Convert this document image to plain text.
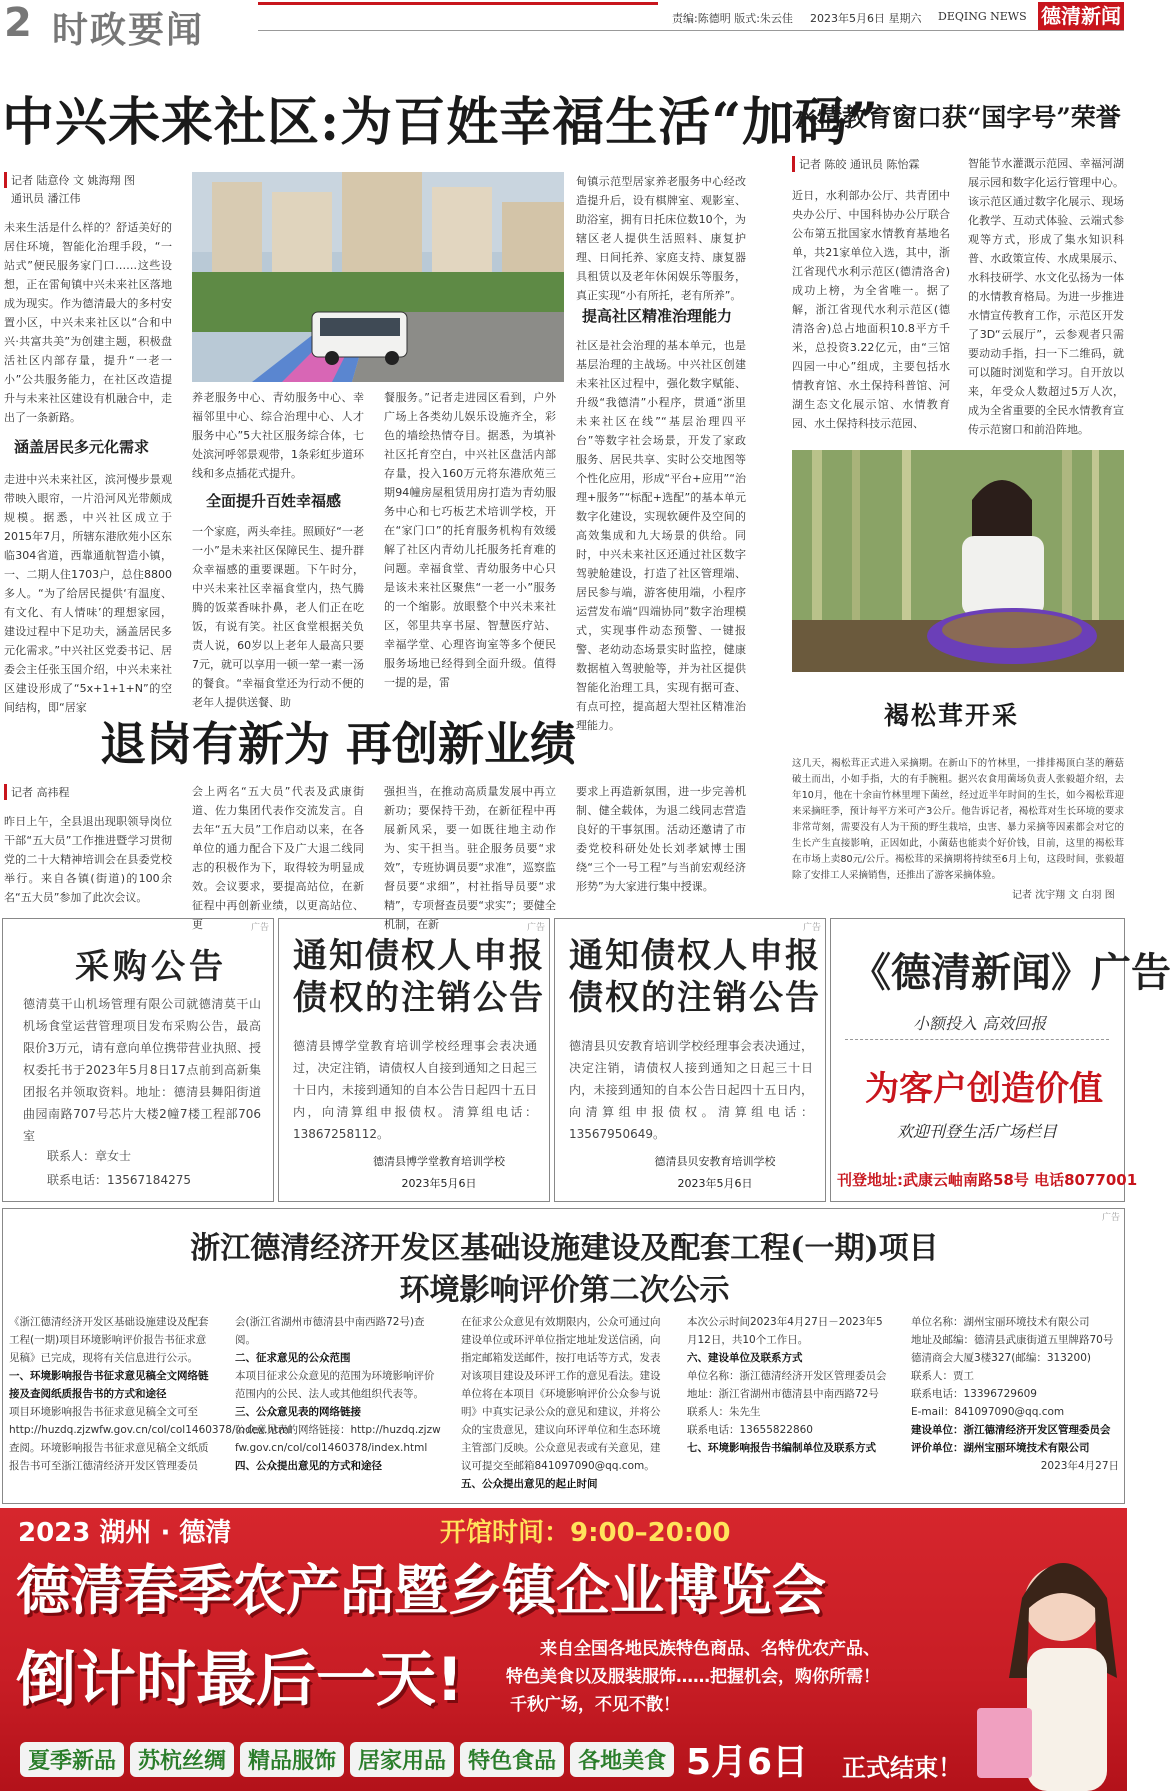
2 时政要闻	责编:陈德明 版式:朱云佳 2023年5月6日 星期六 DEQING NEWS 德清新闻
中兴未来社区:为百姓幸福生活“加码”
记者 陆意伶 文 姚海翔 图
通讯员 潘江伟
未来生活是什么样的？舒适美好的居住环境，智能化治理手段，“一站式”便民服务家门口……这些设想，正在雷甸镇中兴未来社区落地成为现实。作为德清最大的多村安置小区，中兴未来社区以“合和中兴·共富共美”为创建主题，积极盘活社区内部存量，提升“一老一小”公共服务能力，在社区改造提升与未来社区建设有机融合中，走出了一条新路。
涵盖居民多元化需求
走进中兴未来社区，滨河慢步景观带映入眼帘，一片沿河风光带颇成规模。据悉，中兴社区成立于2015年7月，所辖东港欣苑小区东临304省道，西靠通航智造小镇，一、二期人住1703户，总住8800多人。“为了给居民提供‘有温度、有文化、有人情味’的理想家园，建设过程中下足功夫，涵盖居民多元化需求。”中兴社区党委书记、居委会主任张玉国介绍，中兴未来社区建设形成了“5x+1+1+N”的空间结构，即“居家
养老服务中心、青幼服务中心、幸福邻里中心、综合治理中心、人才服务中心”5大社区服务综合体，七处滨河呼邻景观带，1条彩虹步道环线和多点插花式提升。
全面提升百姓幸福感
一个家庭，两头牵挂。照顾好“一老一小”是未来社区保障民生、提升群众幸福感的重要课题。下午时分，中兴未来社区幸福食堂内，热气腾腾的饭菜香味扑鼻，老人们正在吃饭，有说有笑。社区食堂根据关负责人说，60岁以上老年人最高只要7元，就可以享用一顿一荤一素一汤的餐食。“幸福食堂还为行动不便的老年人提供送餐、助
餐服务。”记者走进园区看到，户外广场上各类幼儿娱乐设施齐全，彩色的墙绘热情夺目。据悉，为填补社区托育空白，中兴社区盘活内部存量，投入160万元将东港欣苑三期94幢房屋租赁用房打造为青幼服务中心和七巧板艺术培训学校，开在“家门口”的托育服务机构有效缓解了社区内青幼儿托服务托育难的问题。幸福食堂、青幼服务中心只是该未来社区聚焦“一老一小”服务的一个缩影。放眼整个中兴未来社区，邻里共享书屋、智慧医疗站、幸福学堂、心理咨询室等多个便民服务场地已经得到全面升级。值得一提的是，雷
甸镇示范型居家养老服务中心经改造提升后，设有棋牌室、观影室、助浴室，拥有日托床位数10个，为辖区老人提供生活照料、康复护理、日间托养、家庭支持、康复器具租赁以及老年休闲娱乐等服务，真正实现“小有所托，老有所养”。
提高社区精准治理能力
社区是社会治理的基本单元，也是基层治理的主战场。中兴社区创建未来社区过程中，强化数字赋能、升级“我德清”小程序，贯通“浙里未来社区在线”“基层治理四平台”等数字社会场景，开发了家政服务、居民共享、实时公交地图等个性化应用，形成“平台+应用”“治理+服务”“标配+选配”的基本单元数字化建设，实现软硬件及空间的高效集成和九大场景的供给。同时，中兴未来社区还通过社区数字驾驶舱建设，打造了社区管理端、居民参与端，游客使用端，小程序运营发布端“四端协同”数字治理模式，实现事件动态预警、一键报警、老幼动态场景实时监控，健康数据植入驾驶舱等，并为社区提供智能化治理工具，实现有据可查、有点可控，提高超大型社区精准治理能力。
水情教育窗口获“国字号”荣誉
记者 陈皎 通讯员 陈怡霖
近日，水利部办公厅、共青团中央办公厅、中国科协办公厅联合公布第五批国家水情教育基地名单，共21家单位入选，其中，浙江省现代水利示范区(德清洛舍)成功上榜，为全省唯一。据了解，浙江省现代水利示范区(德清洛舍)总占地面积10.8平方千米，总投资3.22亿元，由“三馆四园一中心”组成，主要包括水情教育馆、水土保持科普馆、河湖生态文化展示馆、水情教育园、水土保持科技示范园、
智能节水灌溉示范园、幸福河湖展示园和数字化运行管理中心。该示范区通过数字化展示、现场化教学、互动式体验、云端式参观等方式，形成了集水知识科普、水政策宣传、水成果展示、水科技研学、水文化弘扬为一体的水情教育格局。为进一步推进水情宣传教育工作，示范区开发了3D“云展厅”，云参观者只需要动动手指，扫一下二维码，就可以随时浏览和学习。自开放以来，年受众人数超过5万人次，成为全省重要的全民水情教育宣传示范窗口和前沿阵地。
褐松茸开采
这几天，褐松茸正式进入采摘期。在新山下的竹林里，一排排褐顶白茎的蘑菇破土而出，小如手指，大的有手腕粗。据兴农食用菌场负责人张毅超介绍，去年10月，他在十余亩竹林里埋下菌丝，经过近半年时间的生长，如今褐松茸迎来采摘旺季，预计每平方米可产3公斤。他告诉记者，褐松茸对生长环境的要求非常苛刻，需要没有人为干预的野生栽培，虫害、暴力采摘等因素都会对它的生长产生直接影响，正因如此，小菌菇也能卖个好价钱，目前，这里的褐松茸在市场上卖80元/公斤。褐松茸的采摘期将持续至6月上旬，这段时间，张毅超除了安排工人采摘销售，还推出了游客采摘体验。
记者 沈宇翔 文 白羽 图
退岗有新为 再创新业绩
记者 高祎程
昨日上午，全县退出现职领导岗位干部“五大员”工作推进暨学习贯彻党的二十大精神培训会在县委党校举行。来自各镇(街道)的100余名“五大员”参加了此次会议。
会上两名“五大员”代表及武康街道、佐力集团代表作交流发言。自去年“五大员”工作启动以来，在各单位的通力配合下及广大退二线同志的积极作为下，取得较为明显成效。会议要求，要提高站位，在新征程中再创新业绩，以更高站位、更
强担当，在推动高质量发展中再立新功；要保持干劲，在新征程中再展新风采，要一如既往地主动作为、实干担当。驻企服务员要“求效”，专班协调员要“求准”，巡察监督员要“求细”，村社指导员要“求精”，专项督查员要“求实”；要健全机制，在新
要求上再造新氛围，进一步完善机制、健全载体，为退二线同志营造良好的干事氛围。活动还邀请了市委党校科研处处长刘孝斌博士围绕“三个一号工程”与当前宏观经济形势”为大家进行集中授课。
广告
采购公告
德清莫干山机场管理有限公司就德清莫干山机场食堂运营管理项目发布采购公告，最高限价3万元，请有意向单位携带营业执照、授权委托书于2023年5月8日17点前到高新集团报名并领取资料。地址：德清县舞阳街道曲园南路707号芯片大楼2幢7楼工程部706室
联系人：章女士
联系电话：13567184275
广告
通知债权人申报
债权的注销公告
德清县博学堂教育培训学校经理事会表决通过，决定注销，请债权人自接到通知之日起三十日内，未接到通知的自本公告日起四十五日内，向清算组申报债权。清算组电话：13867258112。
德清县博学堂教育培训学校
2023年5月6日
广告
通知债权人申报
债权的注销公告
德清县贝安教育培训学校经理事会表决通过，决定注销，请债权人接到通知之日起三十日内，未接到通知的自本公告日起四十五日内，向清算组申报债权。清算组电话：13567950649。
德清县贝安教育培训学校
2023年5月6日
《德清新闻》广告
小额投入 高效回报
为客户创造价值
欢迎刊登生活广场栏目
刊登地址:武康云岫南路58号 电话8077001
广告
浙江德清经济开发区基础设施建设及配套工程(一期)项目
环境影响评价第二次公示
《浙江德清经济开发区基础设施建设及配套工程(一期)项目环境影响评价报告书征求意见稿》已完成，现将有关信息进行公示。
一、环境影响报告书征求意见稿全文网络链接及查阅纸质报告书的方式和途径
项目环境影响报告书征求意见稿全文可至http://huzdq.zjzwfw.gov.cn/col/col1460378/index.html查阅。环境影响报告书征求意见稿全文纸质报告书可至浙江德清经济开发区管理委员
会(浙江省湖州市德清县中南西路72号)查阅。
二、征求意见的公众范围
本项目征求公众意见的范围为环境影响评价范围内的公民、法人或其他组织代表等。
三、公众意见表的网络链接
公众意见表的网络链接：http://huzdq.zjzwfw.gov.cn/col/col1460378/index.html
四、公众提出意见的方式和途径
在征求公众意见有效期限内，公众可通过向建设单位或环评单位指定地址发送信函，向指定邮箱发送邮件，按打电话等方式，发表对该项目建设及环评工作的意见看法。建设单位将在本项目《环境影响评价公众参与说明》中真实记录公众的意见和建议，并将公众的宝贵意见，建议向环评单位和生态环境主管部门反映。公众意见表或有关意见，建议可提交至邮箱841097090@qq.com。
五、公众提出意见的起止时间
本次公示时间2023年4月27日－2023年5月12日，共10个工作日。
六、建设单位及联系方式
单位名称：浙江德清经济开发区管理委员会
地址：浙江省湖州市德清县中南西路72号
联系人：朱先生
联系电话：13655822860
七、环境影响报告书编制单位及联系方式
单位名称：湖州宝丽环境技术有限公司
地址及邮编：德清县武康街道五里牌路70号德清商会大厦3楼327(邮编：313200)
联系人：贾工
联系电话：13396729609
E-mail：841097090@qq.com
建设单位：浙江德清经济开发区管理委员会
评价单位：湖州宝丽环境技术有限公司
2023年4月27日
2023 湖州 · 德清	开馆时间：9:00–20:00
德清春季农产品暨乡镇企业博览会
倒计时最后一天!	来自全国各地民族特色商品、名特优农产品、
特色美食以及服装服饰……把握机会，购你所需！
千秋广场，不见不散！
夏季新品 苏杭丝绸 精品服饰 居家用品 特色食品 各地美食 5月6日 正式结束！
